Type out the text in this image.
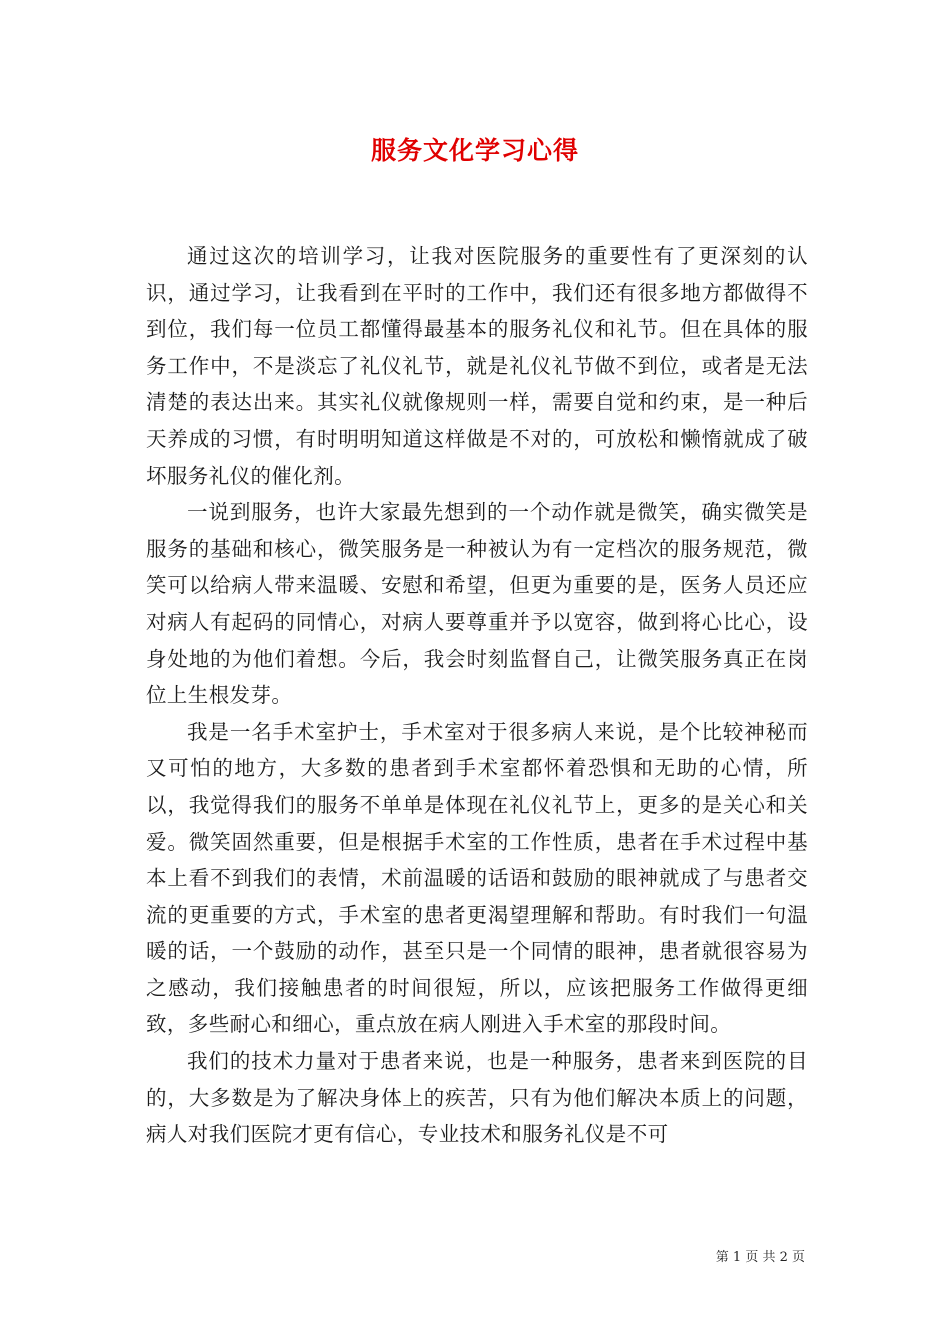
服务文化学习心得

通过这次的培训学习，让我对医院服务的重要性有了更深刻的认识，通过学习，让我看到在平时的工作中，我们还有很多地方都做得不到位，我们每一位员工都懂得最基本的服务礼仪和礼节。但在具体的服务工作中，不是淡忘了礼仪礼节，就是礼仪礼节做不到位，或者是无法清楚的表达出来。其实礼仪就像规则一样，需要自觉和约束，是一种后天养成的习惯，有时明明知道这样做是不对的，可放松和懒惰就成了破坏服务礼仪的催化剂。

一说到服务，也许大家最先想到的一个动作就是微笑，确实微笑是服务的基础和核心，微笑服务是一种被认为有一定档次的服务规范，微笑可以给病人带来温暖、安慰和希望，但更为重要的是，医务人员还应对病人有起码的同情心，对病人要尊重并予以宽容，做到将心比心，设身处地的为他们着想。今后，我会时刻监督自己，让微笑服务真正在岗位上生根发芽。

我是一名手术室护士，手术室对于很多病人来说，是个比较神秘而又可怕的地方，大多数的患者到手术室都怀着恐惧和无助的心情，所以，我觉得我们的服务不单单是体现在礼仪礼节上，更多的是关心和关爱。微笑固然重要，但是根据手术室的工作性质，患者在手术过程中基本上看不到我们的表情，术前温暖的话语和鼓励的眼神就成了与患者交流的更重要的方式，手术室的患者更渴望理解和帮助。有时我们一句温暖的话，一个鼓励的动作，甚至只是一个同情的眼神，患者就很容易为之感动，我们接触患者的时间很短，所以，应该把服务工作做得更细致，多些耐心和细心，重点放在病人刚进入手术室的那段时间。

我们的技术力量对于患者来说，也是一种服务，患者来到医院的目的，大多数是为了解决身体上的疾苦，只有为他们解决本质上的问题，病人对我们医院才更有信心，专业技术和服务礼仪是不可

第 1 页 共 2 页
